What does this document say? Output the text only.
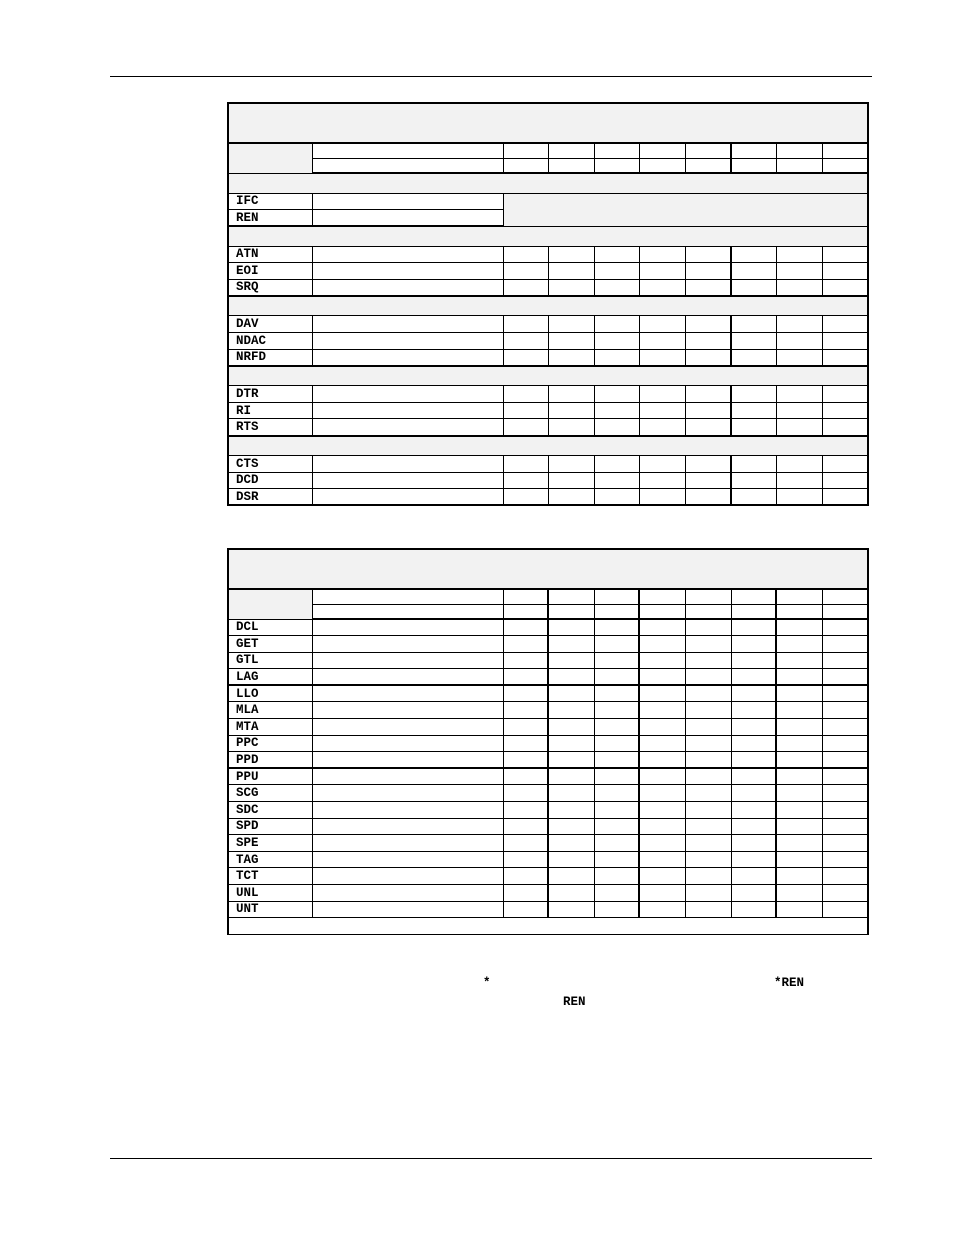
IFC									
REN									

ATN									
EOI									
SRQ									

DAV									
NDAC									
NRFD									

DTR									
RI									
RTS									

CTS									
DCD									
DSR									

DCL									
GET									
GTL									
LAG									
LLO									
MLA									
MTA									
PPC									
PPD									
PPU									
SCG									
SDC									
SPD									
SPE									
TAG									
TCT									
UNL									
UNT									

*	*REN
REN
